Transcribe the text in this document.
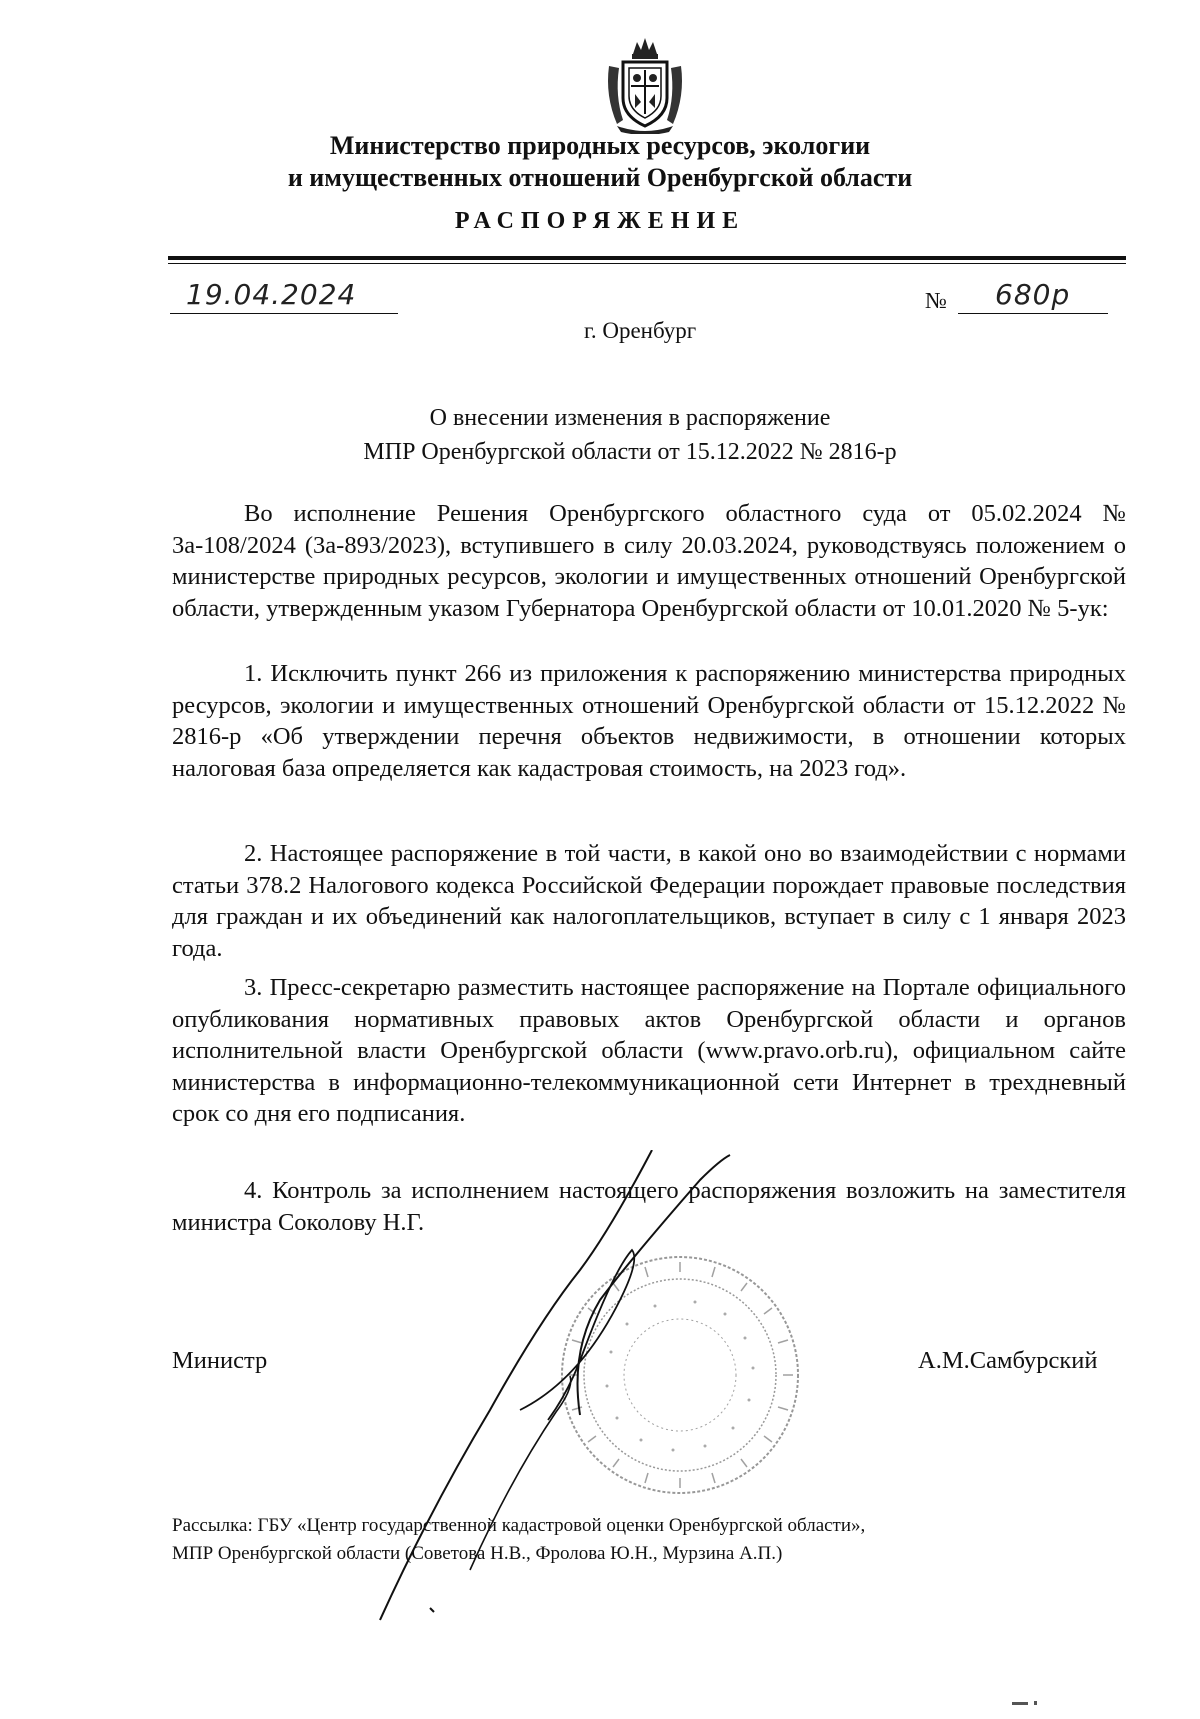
Министерство природных ресурсов, экологии
и имущественных отношений Оренбургской области
РАСПОРЯЖЕНИЕ
19.04.2024	№ 680р
г. Оренбург
О внесении изменения в распоряжение
МПР Оренбургской области от 15.12.2022 № 2816-р

Во исполнение Решения Оренбургского областного суда от 05.02.2024 № 3а-108/2024 (3а-893/2023), вступившего в силу 20.03.2024, руководствуясь положением о министерстве природных ресурсов, экологии и имущественных отношений Оренбургской области, утвержденным указом Губернатора Оренбургской области от 10.01.2020 № 5-ук:

1. Исключить пункт 266 из приложения к распоряжению министерства природных ресурсов, экологии и имущественных отношений Оренбургской области от 15.12.2022 № 2816-р «Об утверждении перечня объектов недвижимости, в отношении которых налоговая база определяется как кадастровая стоимость, на 2023 год».

2. Настоящее распоряжение в той части, в какой оно во взаимодействии с нормами статьи 378.2 Налогового кодекса Российской Федерации порождает правовые последствия для граждан и их объединений как налогоплательщиков, вступает в силу с 1 января 2023 года.

3. Пресс-секретарю разместить настоящее распоряжение на Портале официального опубликования нормативных правовых актов Оренбургской области и органов исполнительной власти Оренбургской области (www.pravo.orb.ru), официальном сайте министерства в информационно-телекоммуникационной сети Интернет в трехдневный срок со дня его подписания.

4. Контроль за исполнением настоящего распоряжения возложить на заместителя министра Соколову Н.Г.

Министр	А.М.Самбурский
Рассылка: ГБУ «Центр государственной кадастровой оценки Оренбургской области»,
МПР Оренбургской области (Советова Н.В., Фролова Ю.Н., Мурзина А.П.)
